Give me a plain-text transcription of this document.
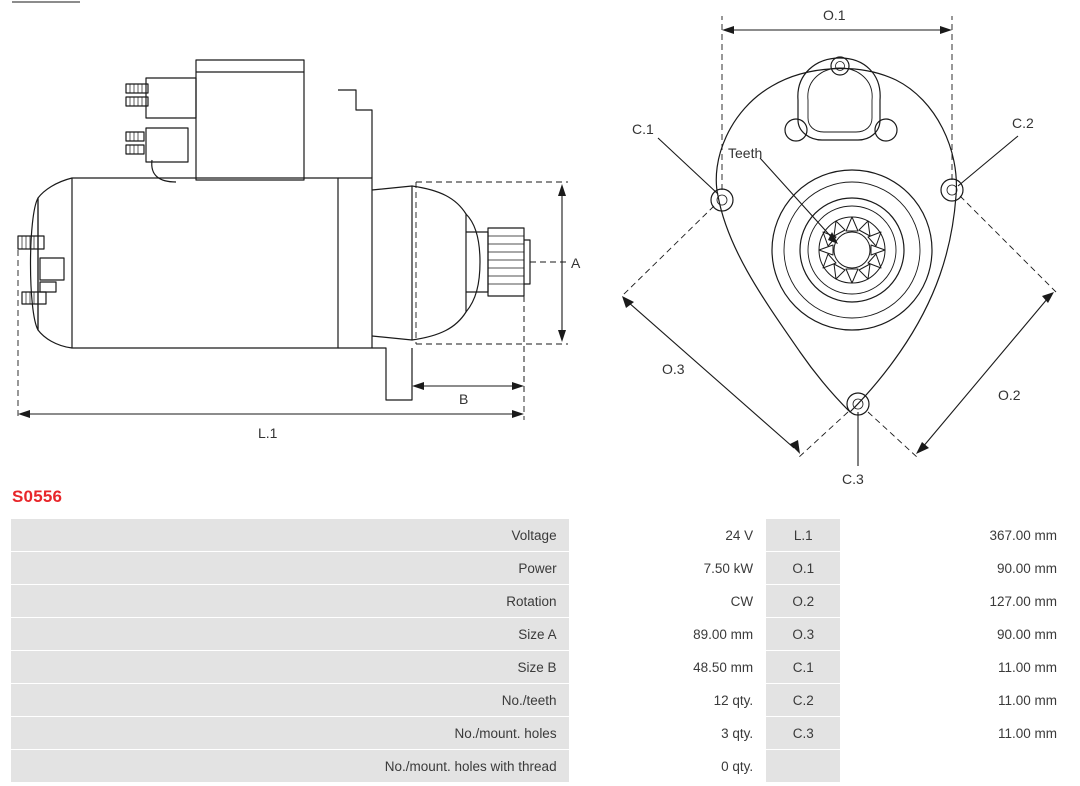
A
B
L.1
O.1
O.2
O.3
C.1	C.2
C.3
Teeth
S0556
Voltage	24 V	L.1	367.00 mm
Power	7.50 kW	O.1	90.00 mm
Rotation	CW	O.2	127.00 mm
Size A	89.00 mm	O.3	90.00 mm
Size B	48.50 mm	C.1	11.00 mm
No./teeth	12 qty.	C.2	11.00 mm
No./mount. holes	3 qty.	C.3	11.00 mm
No./mount. holes with thread	0 qty.		
